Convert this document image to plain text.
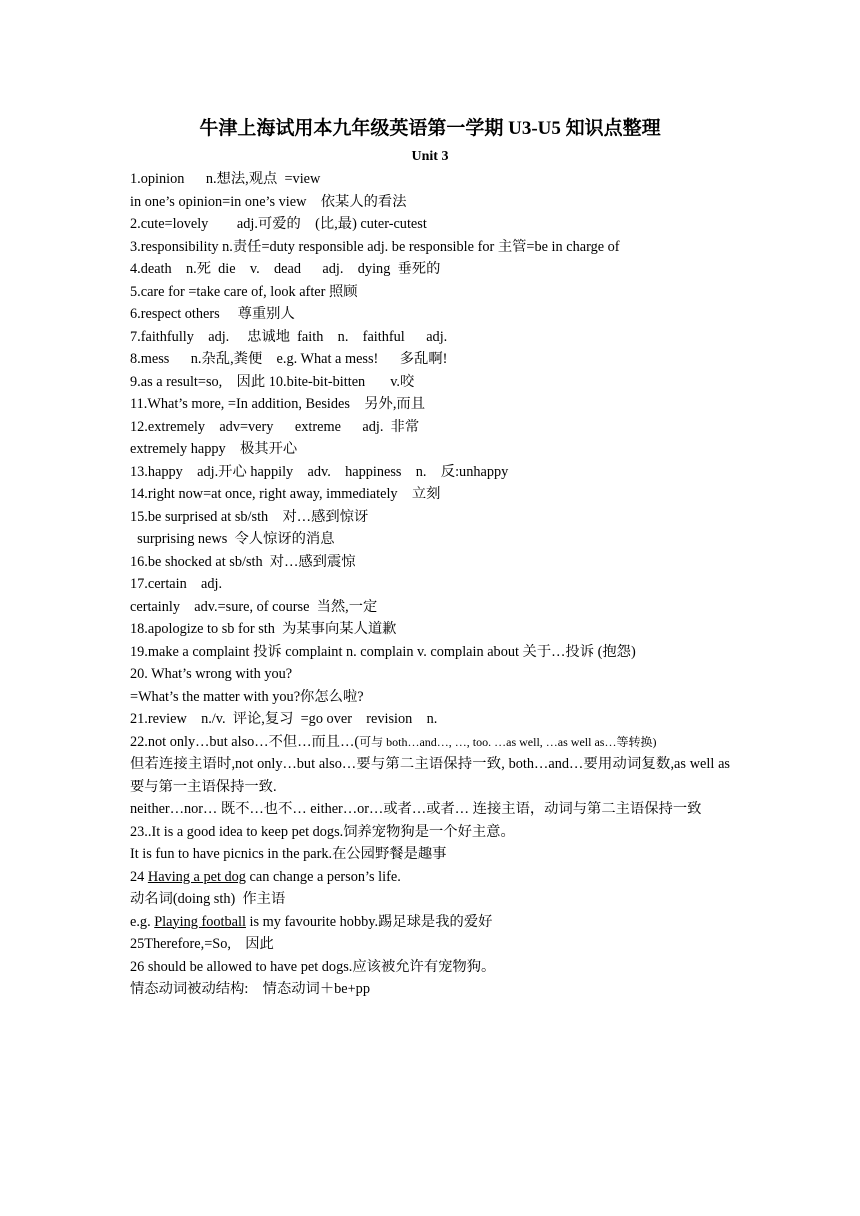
牛津上海试用本九年级英语第一学期 U3-U5 知识点整理
Unit 3
1.opinion      n.想法,观点  =view
in one’s opinion=in one’s view    依某人的看法
2.cute=lovely        adj.可爱的    (比,最) cuter-cutest
3.responsibility n.责任=duty responsible adj. be responsible for 主管=be in charge of
4.death    n.死  die    v.    dead      adj.    dying  垂死的
5.care for =take care of, look after 照顾
6.respect others     尊重别人
7.faithfully    adj.     忠诚地  faith    n.    faithful      adj.
8.mess      n.杂乱,粪便    e.g. What a mess!      多乱啊!
9.as a result=so,    因此 10.bite-bit-bitten       v.咬
11.What’s more, =In addition, Besides    另外,而且
12.extremely    adv=very      extreme      adj.  非常
extremely happy    极其开心
13.happy    adj.开心 happily    adv.    happiness    n.    反:unhappy
14.right now=at once, right away, immediately    立刻
15.be surprised at sb/sth    对…感到惊讶
surprising news  令人惊讶的消息
16.be shocked at sb/sth  对…感到震惊
17.certain    adj.
certainly    adv.=sure, of course  当然,一定
18.apologize to sb for sth  为某事向某人道歉
19.make a complaint 投诉 complaint n. complain v. complain about 关于…投诉 (抱怨)
20. What’s wrong with you?
=What’s the matter with you?你怎么啦?
21.review    n./v.  评论,复习  =go over    revision    n.
22.not only…but also…不但…而且…(可与 both…and…, …, too. …as well, …as well as…等转换)
但若连接主语时,not only…but also…要与第二主语保持一致, both…and…要用动词复数,as well as 要与第一主语保持一致.
neither…nor… 既不…也不… either…or…或者…或者… 连接主语，动词与第二主语保持一致
23..It is a good idea to keep pet dogs.饲养宠物狗是一个好主意。
It is fun to have picnics in the park.在公园野餐是趣事
24 Having a pet dog can change a person’s life.
动名词(doing sth)  作主语
e.g. Playing football is my favourite hobby.踢足球是我的爱好
25Therefore,=So,    因此
26 should be allowed to have pet dogs.应该被允许有宠物狗。
情态动词被动结构:    情态动词＋be+pp
